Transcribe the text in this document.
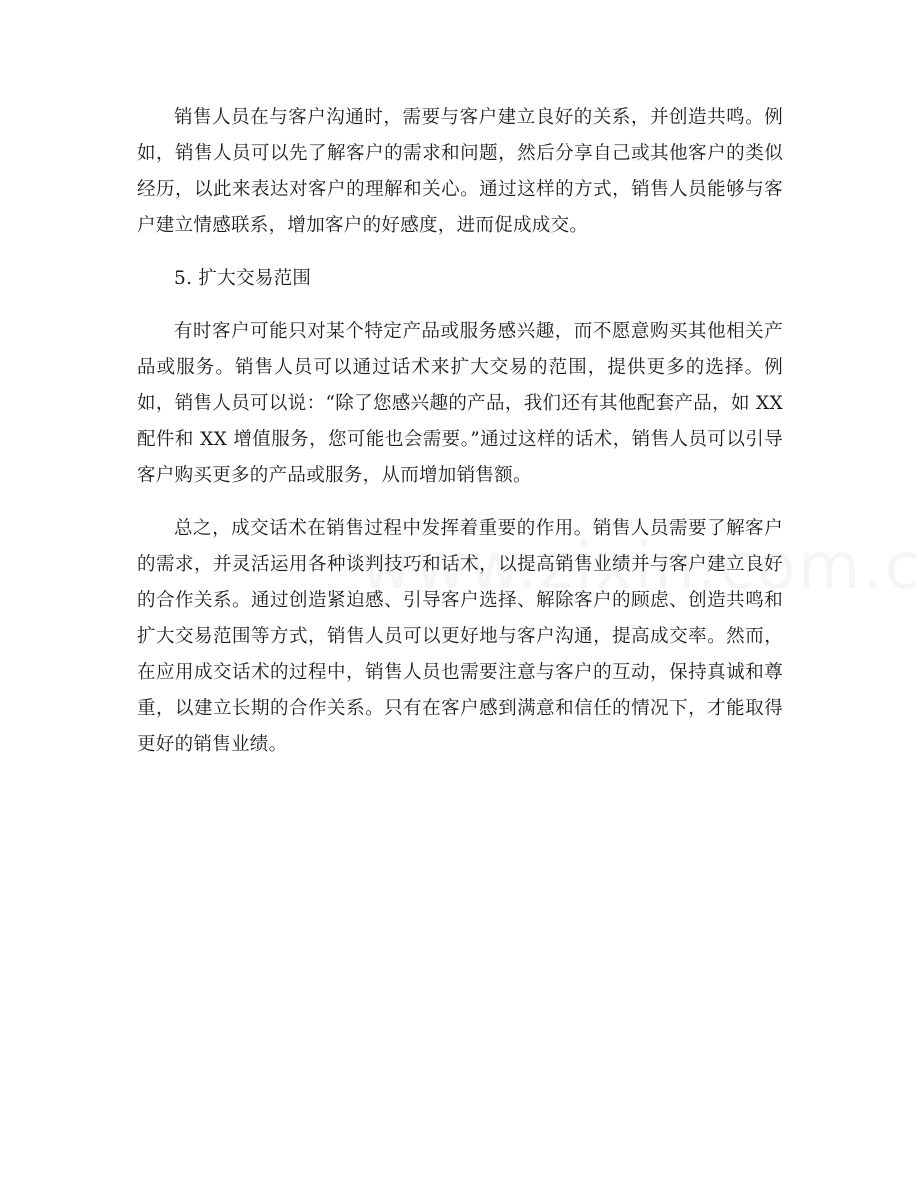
销售人员在与客户沟通时，需要与客户建立良好的关系，并创造共鸣。例如，销售人员可以先了解客户的需求和问题，然后分享自己或其他客户的类似经历，以此来表达对客户的理解和关心。通过这样的方式，销售人员能够与客户建立情感联系，增加客户的好感度，进而促成成交。

5. 扩大交易范围

有时客户可能只对某个特定产品或服务感兴趣，而不愿意购买其他相关产品或服务。销售人员可以通过话术来扩大交易的范围，提供更多的选择。例如，销售人员可以说：“除了您感兴趣的产品，我们还有其他配套产品，如 XX 配件和 XX 增值服务，您可能也会需要。”通过这样的话术，销售人员可以引导客户购买更多的产品或服务，从而增加销售额。

总之，成交话术在销售过程中发挥着重要的作用。销售人员需要了解客户的需求，并灵活运用各种谈判技巧和话术，以提高销售业绩并与客户建立良好的合作关系。通过创造紧迫感、引导客户选择、解除客户的顾虑、创造共鸣和扩大交易范围等方式，销售人员可以更好地与客户沟通，提高成交率。然而，在应用成交话术的过程中，销售人员也需要注意与客户的互动，保持真诚和尊重，以建立长期的合作关系。只有在客户感到满意和信任的情况下，才能取得更好的销售业绩。
